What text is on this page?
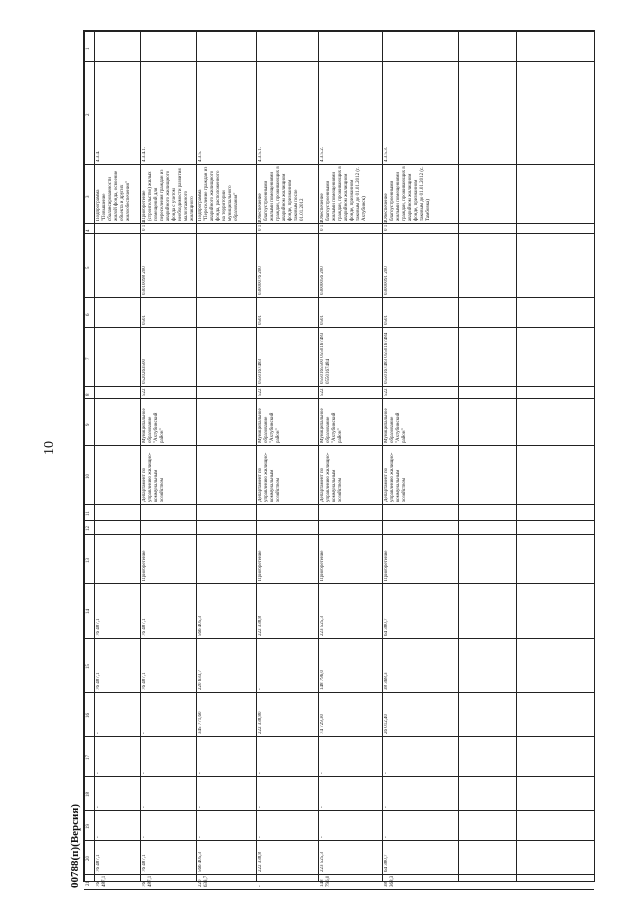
10
00788(п)(Версия)
1
2
3
4
5
6
7
8
9
10
11
12
13
14
15
16
17
18
19
20
21
4.3.4.
Подпрограмма "Повышение сбалансированности жилой фонда, освоение объекта и других жилообеспечения"
76 487,1
76 487,1
-
-
-
-
76 487,1
76 487,1
4.3.4.1.
Приобретение (строительство) жилых помещений для переселения граждан из аварийного жилищного фонда с учетом необходимости развития малоэтажного жилищного
0 1 4
03010098 200
0501
0520263500
522
Муниципальное образование "Ахтубинский район"
Департамент по управлению жилищно-коммунальным хозяйством
Приобретение
76 487,1
76 487,1
-
-
-
-
76 487,1
76 487,1
4.3.5.
Подпрограмма "Переселение граждан из аварийного жилищного фонда, расположенного на территории муниципального образования"
566 405,3
220 633,7
345 771,60
-
-
-
566 405,3
220 633,7
4.3.5.1.
Обеспечение благоустроенными жилыми помещениями граждан, проживающих в аварийном жилищном фонде, признанном таковым после 01.01.2012
0 1 4
03000076 200
0501
0550167483
522
Муниципальное образование "Ахтубинский район"
Департамент по управлению жилищно-коммунальным хозяйством
Приобретение
222 338,8
-
222 338,80
-
-
-
222 338,8
-
4.3.5.2.
Обеспечение благоустроенными жилыми помещениями граждан, проживающих в аварийном жилищном фонде, признанном таковым до 01.01.2012 (г. Ахтубинск)
0 1 4
03000056 200
0501
0550165500 0550167483 0550167484
522
Муниципальное образование "Ахтубинский район"
Департамент по управлению жилищно-коммунальным хозяйством
Приобретение
223 525,3
148 796,0
74 729,30
-
-
-
223 525,3
148 796,0
4.3.5.3.
Обеспечение благоустроенными жилыми помещениями граждан, проживающих в аварийном жилищном фонде, признанном таковым до 01.01.2012 (с. Тамбовка)
0 1 4
03000091 200
0501
0550167483 0550167484
522
Муниципальное образование "Ахтубинский район"
Департамент по управлению жилищно-коммунальным хозяйством
Приобретение
64 380,7
38 368,3
26 012,40
-
-
-
64 380,7
38 368,3
